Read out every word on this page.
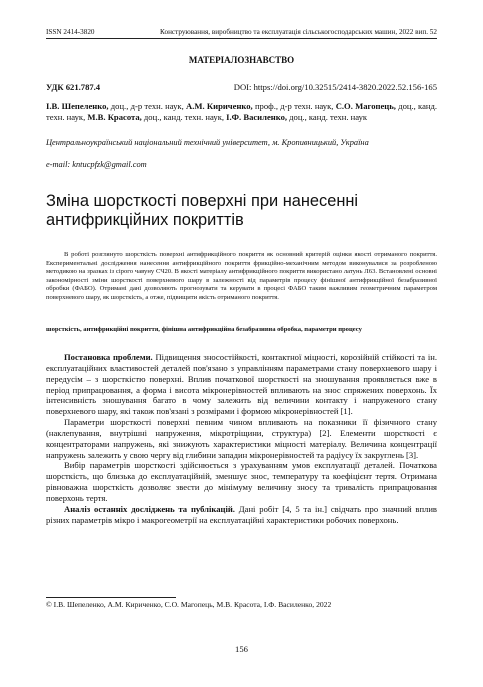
ISSN 2414-3820	Конструювання, виробництво та експлуатація сільськогосподарських машин, 2022 вип. 52
МАТЕРІАЛОЗНАВСТВО
УДК 621.787.4	DOI: https://doi.org/10.32515/2414-3820.2022.52.156-165
І.В. Шепеленко, доц., д-р техн. наук, А.М. Кириченко, проф., д-р техн. наук, С.О. Магопець, доц., канд. техн. наук, М.В. Красота, доц., канд. техн. наук, І.Ф. Василенко, доц., канд. техн. наук
Центральноукраїнський національний технічний університет, м. Кропивницький, Україна
e-mail: kntucpfzk@gmail.com
Зміна шорсткості поверхні при нанесенні антифрикційних покриттів
В роботі розглянуто шорсткість поверхні антифрикційного покриття як основний критерій оцінки якості отриманого покриття. Експериментальні дослідження нанесення антифрикційного покриття фрикційно-механічним методом виконувалися за розробленою методикою на зразках із сірого чавуну СЧ20. В якості матеріалу антифрикційного покриття використано латунь Л63. Встановлені основні закономірності зміни шорсткості поверхневого шару в залежності від параметрів процесу фінішної антифрикційної безабразивної обробки (ФАБО). Отримані дані дозволяють прогнозувати та керувати в процесі ФАБО таким важливим геометричним параметром поверхневого шару, як шорсткість, а отже, підвищити якість отриманого покриття.
шорсткість, антифрикційні покриття, фінішна антифрикційна безабразивна обробка, параметри процесу

Постановка проблеми. Підвищення зносостійкості, контактної міцності, корозійній стійкості та ін. експлуатаційних властивостей деталей пов'язано з управлінням параметрами стану поверхневого шару і передусім – з шорсткістю поверхні. Вплив початкової шорсткості на зношування проявляється вже в період припрацювання, а форма і висота мікронерівностей впливають на знос спряжених поверхонь. Їх інтенсивність зношування багато в чому залежить від величини контакту і напруженого стану поверхневого шару, які також пов'язані з розмірами і формою мікронерівностей [1].

Параметри шорсткості поверхні певним чином впливають на показники її фізичного стану (наклепування, внутрішні напруження, мікротріщини, структура) [2]. Елементи шорсткості є концентраторами напружень, які знижують характеристики міцності матеріалу. Величина концентрації напружень залежить у свою чергу від глибини западин мікронерівностей та радіусу їх закруглень [3].

Вибір параметрів шорсткості здійснюється з урахуванням умов експлуатації деталей. Початкова шорсткість, що близька до експлуатаційній, зменшує знос, температуру та коефіцієнт тертя. Отримана рівноважна шорсткість дозволяє звести до мінімуму величину зносу та тривалість припрацювання поверхонь тертя.

Аналіз останніх досліджень та публікацій. Дані робіт [4, 5 та ін.] свідчать про значний вплив різних параметрів мікро і макрогеометрії на експлуатаційні характеристики робочих поверхонь.

© І.В. Шепеленко, А.М. Кириченко, С.О. Магопець, М.В. Красота, І.Ф. Василенко, 2022
156
